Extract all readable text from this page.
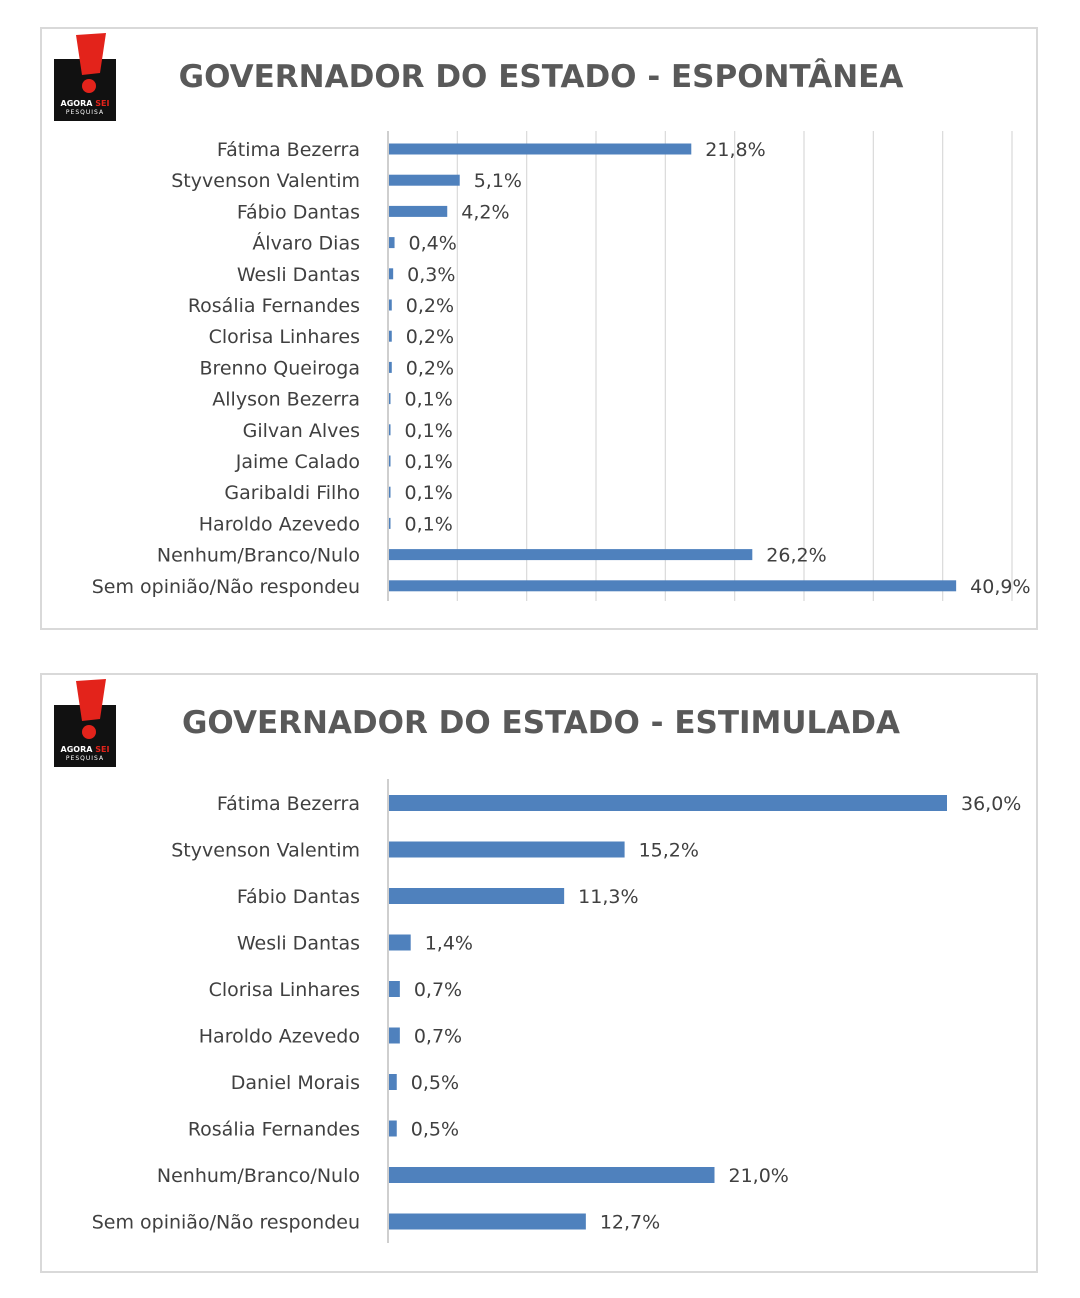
AGORA SEI
PESQUISA
GOVERNADOR DO ESTADO - ESPONTÂNEA
Fátima Bezerra	21,8%
Styvenson Valentim	5,1%
Fábio Dantas	4,2%
Álvaro Dias	0,4%
Wesli Dantas 0,3%
Rosália Fernandes 0,2%
Clorisa Linhares 0,2%
Brenno Queiroga 0,2%
Allyson Bezerra 0,1%
Gilvan Alves 0,1%
Jaime Calado 0,1%
Garibaldi Filho 0,1%
Haroldo Azevedo 0,1%
Nenhum/Branco/Nulo	26,2%
Sem opinião/Não respondeu	40,9%
AGORA SEI
PESQUISA
GOVERNADOR DO ESTADO - ESTIMULADA
Fátima Bezerra	36,0%
Styvenson Valentim	15,2%
Fábio Dantas	11,3%
Wesli Dantas	1,4%
Clorisa Linhares	0,7%
Haroldo Azevedo	0,7%
Daniel Morais	0,5%
Rosália Fernandes	0,5%
Nenhum/Branco/Nulo	21,0%
Sem opinião/Não respondeu	12,7%
